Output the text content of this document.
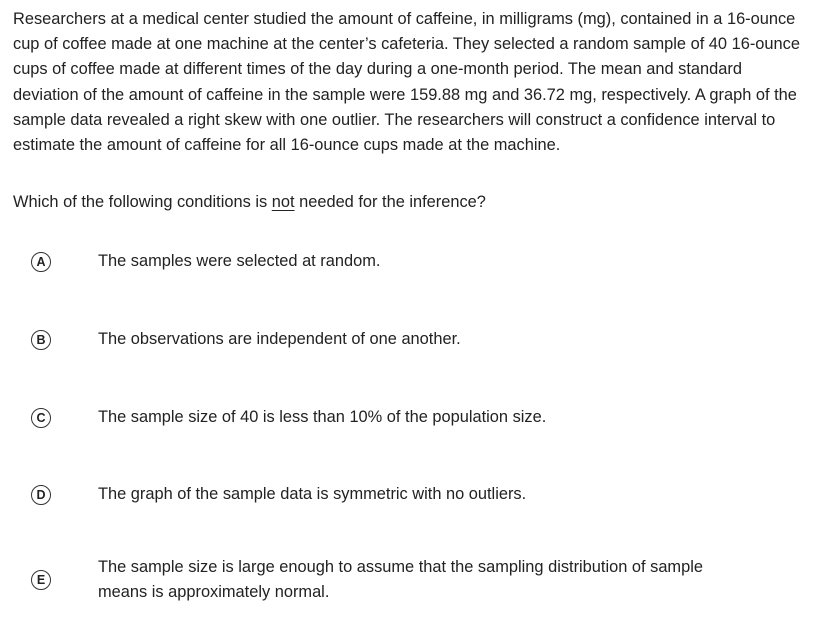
Researchers at a medical center studied the amount of caffeine, in milligrams (mg), contained in a 16-ounce cup of coffee made at one machine at the center’s cafeteria. They selected a random sample of 40 16-ounce cups of coffee made at different times of the day during a one-month period. The mean and standard deviation of the amount of caffeine in the sample were 159.88 mg and 36.72 mg, respectively. A graph of the sample data revealed a right skew with one outlier. The researchers will construct a confidence interval to estimate the amount of caffeine for all 16-ounce cups made at the machine.

Which of the following conditions is not needed for the inference?

A	The samples were selected at random.
B	The observations are independent of one another.
C	The sample size of 40 is less than 10% of the population size.
D	The graph of the sample data is symmetric with no outliers.
E
The sample size is large enough to assume that the sampling distribution of sample means is approximately normal.
